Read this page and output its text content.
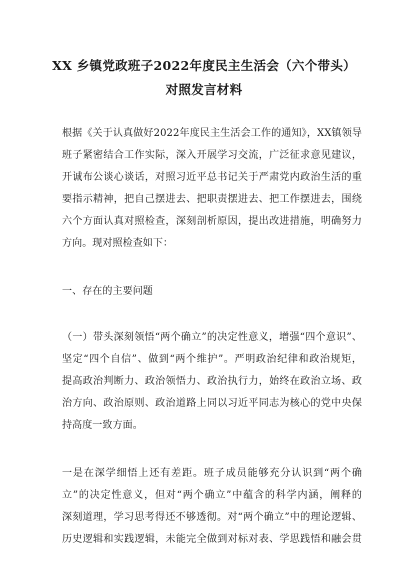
XX 乡镇党政班子2022年度民主生活会（六个带头）
对照发言材料
根据《关于认真做好2022年度民主生活会工作的通知》，XX镇领导
班子紧密结合工作实际，深入开展学习交流，广泛征求意见建议，
开诚布公谈心谈话，对照习近平总书记关于严肃党内政治生活的重
要指示精神，把自己摆进去、把职责摆进去、把工作摆进去，围绕
六个方面认真对照检查，深刻剖析原因，提出改进措施，明确努力
方向。现对照检查如下：
一、存在的主要问题
（一）带头深刻领悟“两个确立”的决定性意义，增强“四个意识”、
坚定“四个自信”、做到“两个维护”。严明政治纪律和政治规矩，
提高政治判断力、政治领悟力、政治执行力，始终在政治立场、政
治方向、政治原则、政治道路上同以习近平同志为核心的党中央保
持高度一致方面。
一是在深学细悟上还有差距。班子成员能够充分认识到“两个确
立”的决定性意义，但对“两个确立”中蕴含的科学内涵，阐释的
深刻道理，学习思考得还不够透彻。对“两个确立”中的理论逻辑、
历史逻辑和实践逻辑，未能完全做到对标对表、学思践悟和融会贯
